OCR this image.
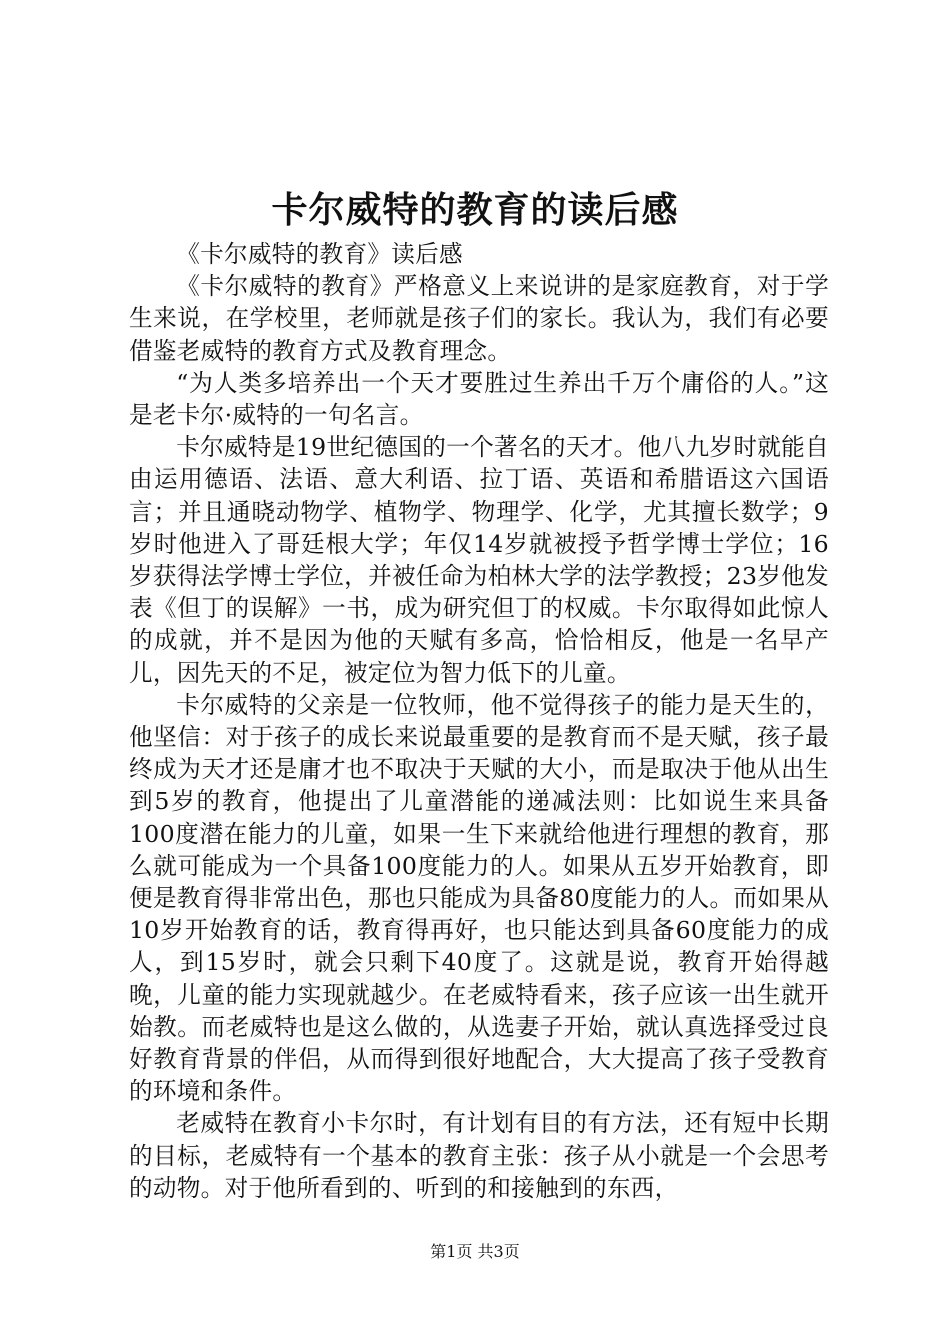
卡尔威特的教育的读后感

《卡尔威特的教育》读后感

《卡尔威特的教育》严格意义上来说讲的是家庭教育，对于学生来说，在学校里，老师就是孩子们的家长。我认为，我们有必要借鉴老威特的教育方式及教育理念。

“为人类多培养出一个天才要胜过生养出千万个庸俗的人。”这是老卡尔·威特的一句名言。

卡尔威特是19世纪德国的一个著名的天才。他八九岁时就能自由运用德语、法语、意大利语、拉丁语、英语和希腊语这六国语言；并且通晓动物学、植物学、物理学、化学，尤其擅长数学；9岁时他进入了哥廷根大学；年仅14岁就被授予哲学博士学位；16岁获得法学博士学位，并被任命为柏林大学的法学教授；23岁他发表《但丁的误解》一书，成为研究但丁的权威。卡尔取得如此惊人的成就，并不是因为他的天赋有多高，恰恰相反，他是一名早产儿，因先天的不足，被定位为智力低下的儿童。

卡尔威特的父亲是一位牧师，他不觉得孩子的能力是天生的，他坚信：对于孩子的成长来说最重要的是教育而不是天赋，孩子最终成为天才还是庸才也不取决于天赋的大小，而是取决于他从出生到5岁的教育，他提出了儿童潜能的递减法则：比如说生来具备100度潜在能力的儿童，如果一生下来就给他进行理想的教育，那么就可能成为一个具备100度能力的人。如果从五岁开始教育，即便是教育得非常出色，那也只能成为具备80度能力的人。而如果从10岁开始教育的话，教育得再好，也只能达到具备60度能力的成人，到15岁时，就会只剩下40度了。这就是说，教育开始得越晚，儿童的能力实现就越少。在老威特看来，孩子应该一出生就开始教。而老威特也是这么做的，从选妻子开始，就认真选择受过良好教育背景的伴侣，从而得到很好地配合，大大提高了孩子受教育的环境和条件。

老威特在教育小卡尔时，有计划有目的有方法，还有短中长期的目标，老威特有一个基本的教育主张：孩子从小就是一个会思考的动物。对于他所看到的、听到的和接触到的东西，

第1页 共3页
